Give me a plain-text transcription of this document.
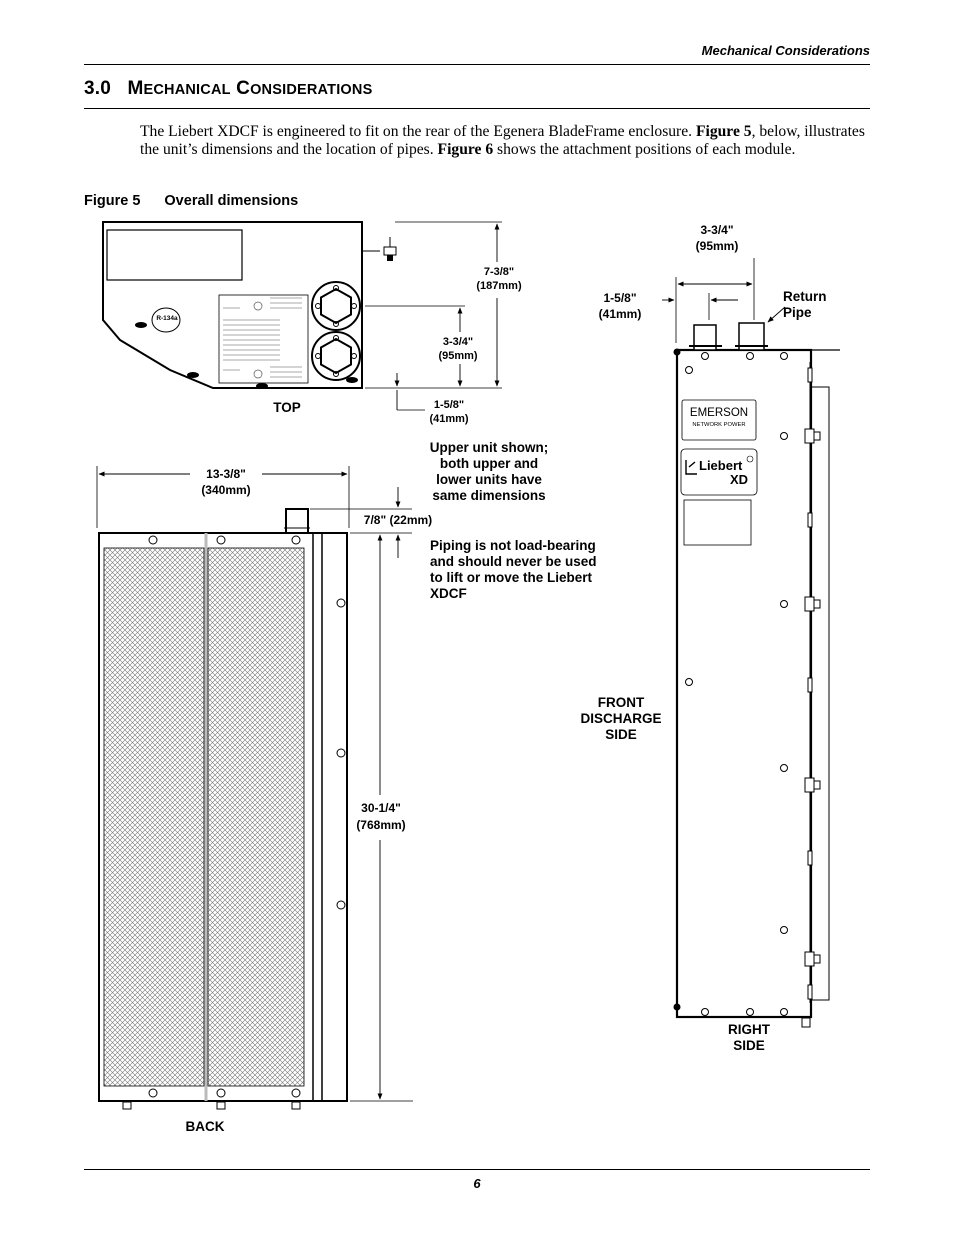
Mechanical Considerations
3.0 MECHANICAL CONSIDERATIONS
The Liebert XDCF is engineered to fit on the rear of the Egenera BladeFrame enclosure. Figure 5, below, illustrates the unit’s dimensions and the location of pipes. Figure 6 shows the attachment positions of each module.
Figure 5 Overall dimensions
R-134a
TOP
7-3/8"
(187mm)
3-3/4"
(95mm)
1-5/8"
(41mm)
13-3/8"
(340mm)
7/8" (22mm)
30-1/4"
(768mm)
BACK
Upper unit shown;
both upper and
lower units have
same dimensions
Piping is not load-bearing
and should never be used
to lift or move the Liebert
XDCF
3-3/4"
(95mm)
1-5/8"
(41mm)
Return
Pipe
FRONT
DISCHARGE
SIDE
RIGHT
SIDE
EMERSON
NETWORK POWER
Liebert
XD
6
